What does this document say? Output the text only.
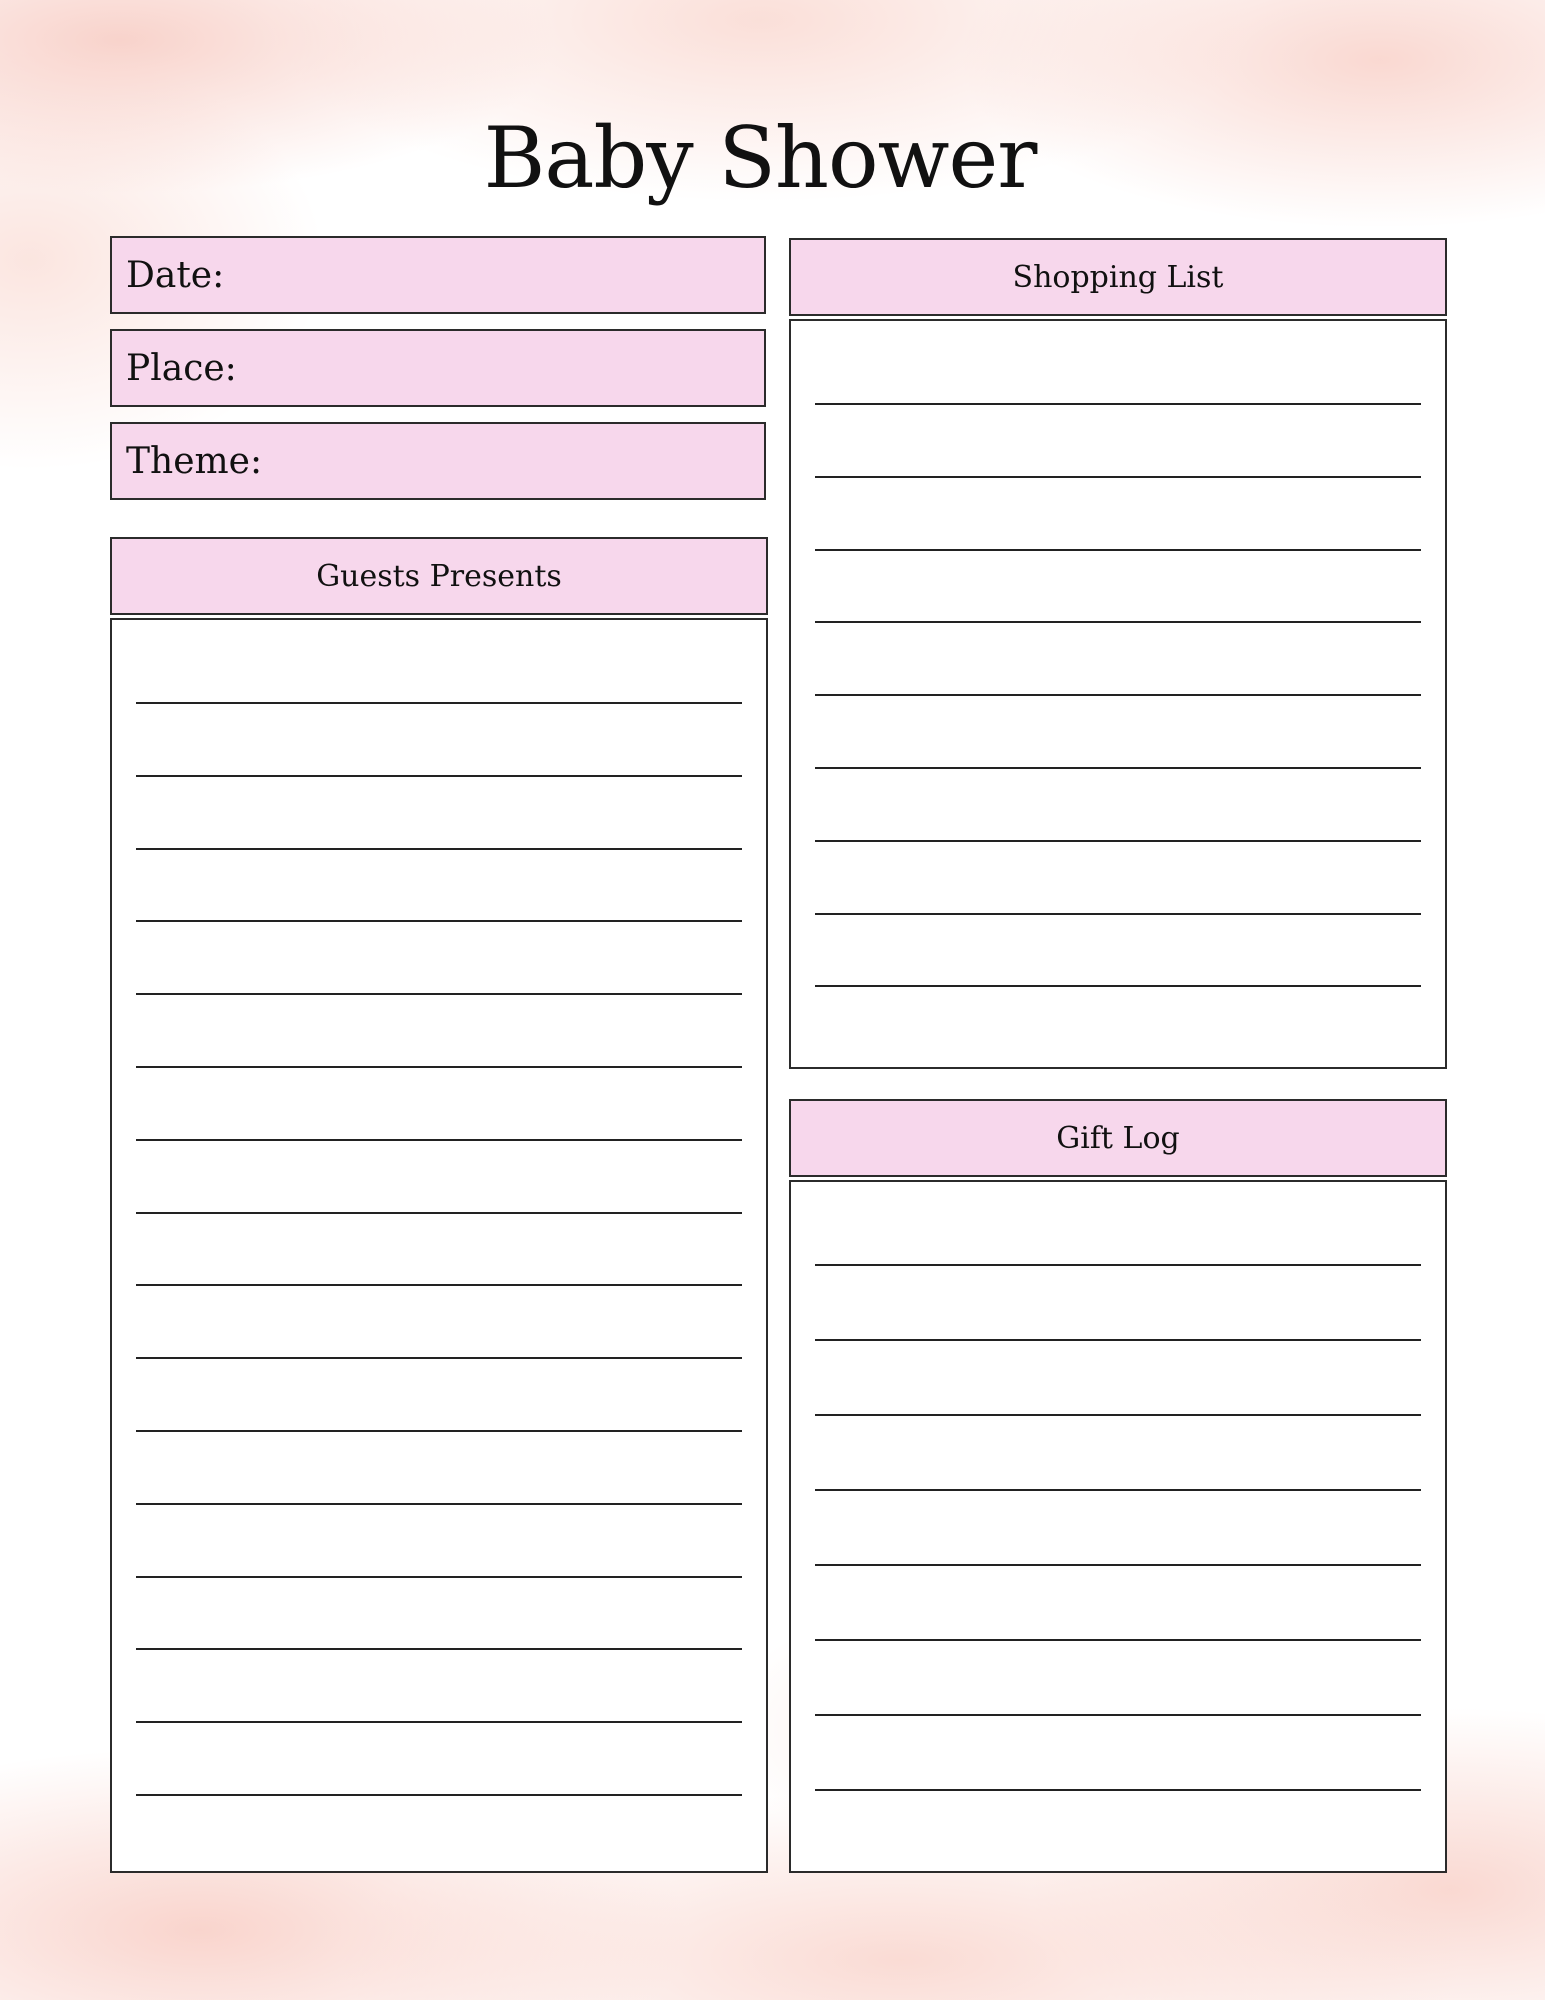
Baby Shower
Date:
Place:
Theme:
Guests Presents
Shopping List
Gift Log
